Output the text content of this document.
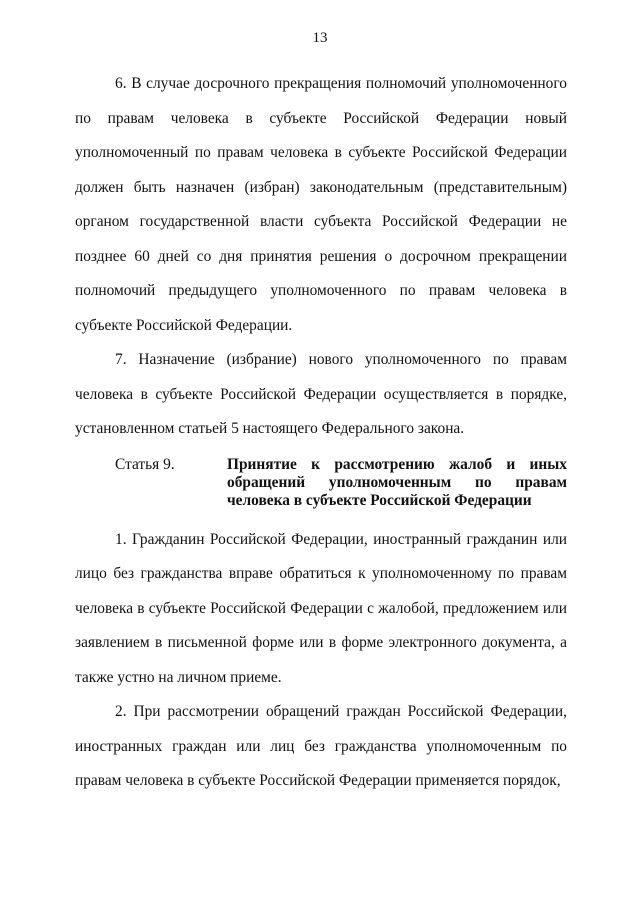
13

6. В случае досрочного прекращения полномочий уполномоченного по правам человека в субъекте Российской Федерации новый уполномоченный по правам человека в субъекте Российской Федерации должен быть назначен (избран) законодательным (представительным) органом государственной власти субъекта Российской Федерации не позднее 60 дней со дня принятия решения о досрочном прекращении полномочий предыдущего уполномоченного по правам человека в субъекте Российской Федерации.

7. Назначение (избрание) нового уполномоченного по правам человека в субъекте Российской Федерации осуществляется в порядке, установленном статьей 5 настоящего Федерального закона.

Статья 9.	Принятие к рассмотрению жалоб и иных обращений уполномоченным по правам человека в субъекте Российской Федерации

1. Гражданин Российской Федерации, иностранный гражданин или лицо без гражданства вправе обратиться к уполномоченному по правам человека в субъекте Российской Федерации с жалобой, предложением или заявлением в письменной форме или в форме электронного документа, а также устно на личном приеме.

2. При рассмотрении обращений граждан Российской Федерации, иностранных граждан или лиц без гражданства уполномоченным по правам человека в субъекте Российской Федерации применяется порядок,
